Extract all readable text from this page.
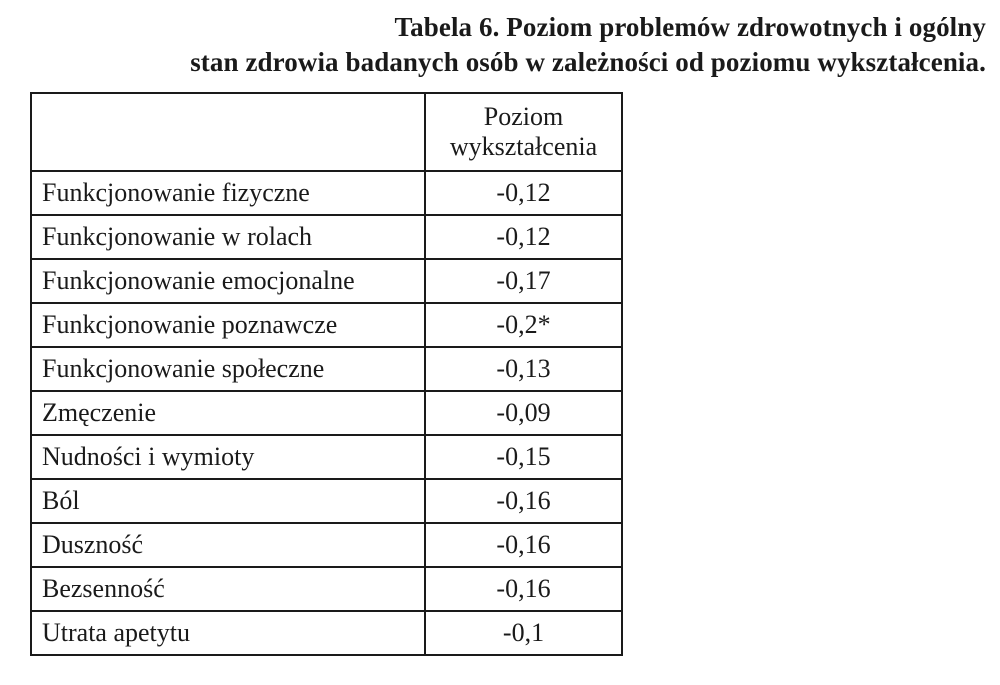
Tabela 6. Poziom problemów zdrowotnych i ogólny
stan zdrowia badanych osób w zależności od poziomu wykształcenia.

	Poziom
wykształcenia

Funkcjonowanie fizyczne	-0,12
Funkcjonowanie w rolach	-0,12
Funkcjonowanie emocjonalne	-0,17
Funkcjonowanie poznawcze	-0,2*
Funkcjonowanie społeczne	-0,13
Zmęczenie	-0,09
Nudności i wymioty	-0,15
Ból	-0,16
Duszność	-0,16
Bezsenność	-0,16
Utrata apetytu	-0,1
